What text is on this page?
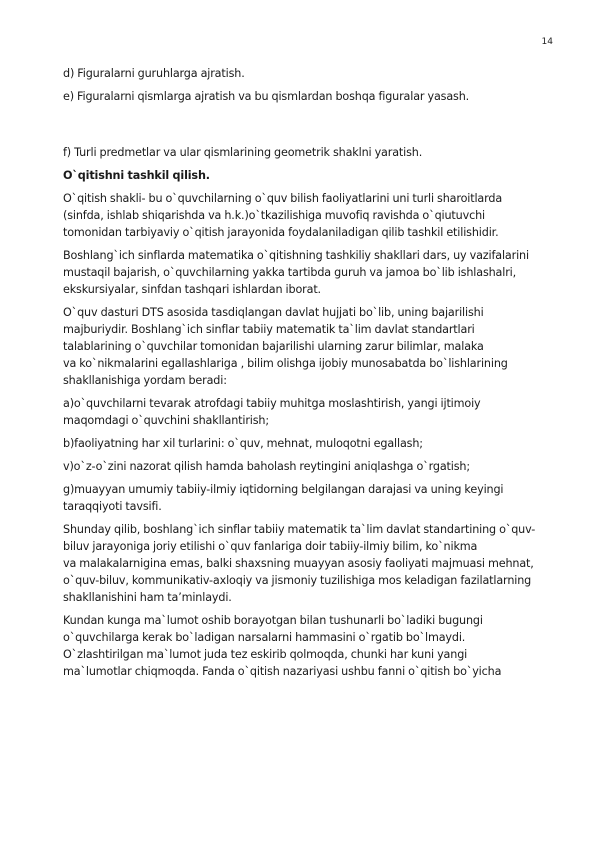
14

d) Figuralarni guruhlarga ajratish.

e) Figuralarni qismlarga ajratish va bu qismlardan boshqa figuralar yasash.

f) Turli predmetlar va ular qismlarining geometrik shaklni yaratish.

O`qitishni tashkil qilish.

O`qitish shakli- bu o`quvchilarning o`quv bilish faoliyatlarini uni turli sharoitlarda
(sinfda, ishlab shiqarishda va h.k.)o`tkazilishiga muvofiq ravishda o`qiutuvchi
tomonidan tarbiyaviy o`qitish jarayonida foydalaniladigan qilib tashkil etilishidir.

Boshlang`ich sinflarda matematika o`qitishning tashkiliy shakllari dars, uy vazifalarini
mustaqil bajarish, o`quvchilarning yakka tartibda guruh va jamoa bo`lib ishlashalri,
ekskursiyalar, sinfdan tashqari ishlardan iborat.

O`quv dasturi DTS asosida tasdiqlangan davlat hujjati bo`lib, uning bajarilishi
majburiydir. Boshlang`ich sinflar tabiiy matematik ta`lim davlat standartlari
talablarining o`quvchilar tomonidan bajarilishi ularning zarur bilimlar, malaka
va ko`nikmalarini egallashlariga , bilim olishga ijobiy munosabatda bo`lishlarining
shakllanishiga yordam beradi:

a)o`quvchilarni tevarak atrofdagi tabiiy muhitga moslashtirish, yangi ijtimoiy
maqomdagi o`quvchini shakllantirish;

b)faoliyatning har xil turlarini: o`quv, mehnat, muloqotni egallash;

v)o`z-o`zini nazorat qilish hamda baholash reytingini aniqlashga o`rgatish;

g)muayyan umumiy tabiiy-ilmiy iqtidorning belgilangan darajasi va uning keyingi
taraqqiyoti tavsifi.

Shunday qilib, boshlang`ich sinflar tabiiy matematik ta`lim davlat standartining o`quv-
biluv jarayoniga joriy etilishi o`quv fanlariga doir tabiiy-ilmiy bilim, ko`nikma
va malakalarnigina emas, balki shaxsning muayyan asosiy faoliyati majmuasi mehnat,
o`quv-biluv, kommunikativ-axloqiy va jismoniy tuzilishiga mos keladigan fazilatlarning
shakllanishini ham ta’minlaydi.

Kundan kunga ma`lumot oshib borayotgan bilan tushunarli bo`ladiki bugungi
o`quvchilarga kerak bo`ladigan narsalarni hammasini o`rgatib bo`lmaydi.
O`zlashtirilgan ma`lumot juda tez eskirib qolmoqda, chunki har kuni yangi
ma`lumotlar chiqmoqda. Fanda o`qitish nazariyasi ushbu fanni o`qitish bo`yicha
